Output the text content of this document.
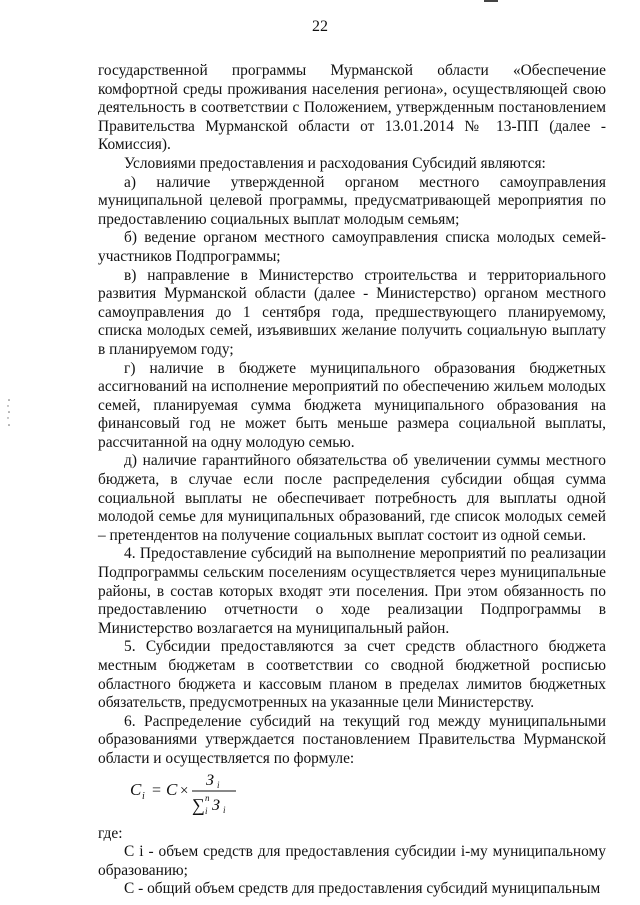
22

государственной программы Мурманской области «Обеспечение комфортной среды проживания населения региона», осуществляющей свою деятельность в соответствии с Положением, утвержденным постановлением Правительства Мурманской области от 13.01.2014 № 13-ПП (далее - Комиссия).

Условиями предоставления и расходования Субсидий являются:

а) наличие утвержденной органом местного самоуправления муниципальной целевой программы, предусматривающей мероприятия по предоставлению социальных выплат молодым семьям;

б) ведение органом местного самоуправления списка молодых семей-участников Подпрограммы;

в) направление в Министерство строительства и территориального развития Мурманской области (далее - Министерство) органом местного самоуправления до 1 сентября года, предшествующего планируемому, списка молодых семей, изъявивших желание получить социальную выплату в планируемом году;

г) наличие в бюджете муниципального образования бюджетных ассигнований на исполнение мероприятий по обеспечению жильем молодых семей, планируемая сумма бюджета муниципального образования на финансовый год не может быть меньше размера социальной выплаты, рассчитанной на одну молодую семью.

д) наличие гарантийного обязательства об увеличении суммы местного бюджета, в случае если после распределения субсидии общая сумма социальной выплаты не обеспечивает потребность для выплаты одной молодой семье для муниципальных образований, где список молодых семей – претендентов на получение социальных выплат состоит из одной семьи.

4. Предоставление субсидий на выполнение мероприятий по реализации Подпрограммы сельским поселениям осуществляется через муниципальные районы, в состав которых входят эти поселения. При этом обязанность по предоставлению отчетности о ходе реализации Подпрограммы в Министерство возлагается на муниципальный район.

5. Субсидии предоставляются за счет средств областного бюджета местным бюджетам в соответствии со сводной бюджетной росписью областного бюджета и кассовым планом в пределах лимитов бюджетных обязательств, предусмотренных на указанные цели Министерству.

6. Распределение субсидий на текущий год между муниципальными образованиями утверждается постановлением Правительства Мурманской области и осуществляется по формуле:

C i = C ×
З i
∑ n
i З i

где:

C i - объем средств для предоставления субсидии i-му муниципальному образованию;

С - общий объем средств для предоставления субсидий муниципальным
